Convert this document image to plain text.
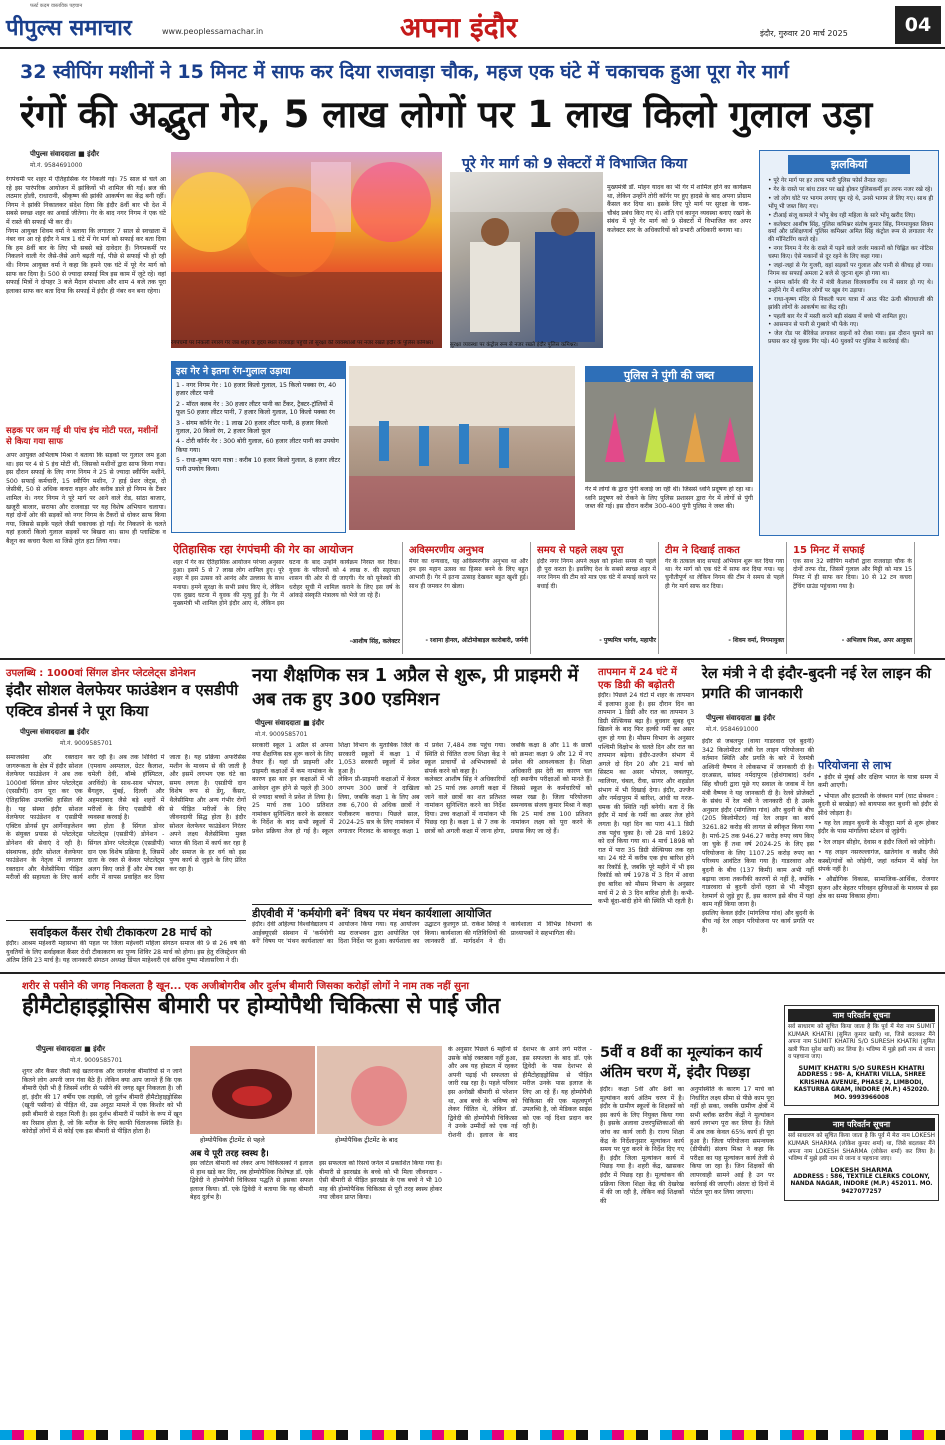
फर्स्ट कदम वास्तविक पहचान
पीपुल्स समाचार	www.peoplessamachar.in	अपना इंदौर	इंदौर, गुरुवार 20 मार्च 2025	04
32 स्वीपिंग मशीनों ने 15 मिनट में साफ कर दिया राजवाड़ा चौक, महज एक घंटे में चकाचक हुआ पूरा गेर मार्ग
रंगों की अद्भुत गेर, 5 लाख लोगों पर 1 लाख किलो गुलाल उड़ा
पीपुल्स संवाददाता ■ इंदौर
मो.नं. 9584691000
रंगपंचमी पर शहर में ऐतिहासिक गेर निकली गई। 75 साल से चले आ रहे इस पारंपरिक आयोजन में झांकियों भी शामिल की गईं। ब्रज की लठमार होली, राधारानी, श्रीकृष्ण की झांकी आकर्षण का केंद्र बनी रहीं। निगम ने झांकी निकालकर संदेश दिया कि इंदौर 8वीं बार भी देश में सबसे स्वच्छ शहर का अवार्ड जीतेगा। गेर के बाद नगर निगम ने एक घंटे में रास्ते की सफाई भी कर दी।
निगम आयुक्त शिवम वर्मा ने बताया कि लगातार 7 साल से स्वच्छता में नंबर वन आ रहे इंदौर ने मात्र 1 घंटे में गेर मार्ग को सफाई कर बता दिया कि हम 8वीं बार के लिए भी सबसे बड़े दावेदार हैं। निगमकर्मी पर निकलने वाली गेर जैसे-जैसे आगे बढ़ती गई, पीछे से सफाई भी हो रही थी। निगम आयुक्त वर्मा ने कहा कि हमने एक घंटे में पूरे गेर मार्ग को साफ कर दिया है। 500 से ज्यादा सफाई मित्र इस काम में जुटे रहे। वहां सफाई मित्रों ने दोपहर 3 बजे मैदान संभाला और शाम 4 बजे तक पूरा इलाका साफ कर बता दिया कि सफाई में इंदौर ही नंबर वन बना रहेगा।
सड़क पर जम गई थी पांच इंच मोटी परत, मशीनों से किया गया साफ
अपर आयुक्त अभिलाष मिश्रा ने बताया कि सड़कों पर गुलाल जम हुआ था। इस पर 4 से 5 इंच मोटी थी, जिसको मशीनों द्वारा साफ किया गया। इस दौरान सफाई के लिए नगर निगम ने 25 से ज्यादा स्वीपिंग मशीनें, 500 सफाई कर्मचारी, 15 स्वीपिंग मशीन, 7 हाई प्रेशर जेट्स, दो जेसीबी, 50 से अधिक कचरा वाहन और करीब डाले हो निगम के टैंकर शामिल थे। नगर निगम ने पूरे मार्ग पर आने वाले रोड, सांठा बाजार, खजूरी बाजार, सराफा और राजवाड़ा पर यह विशेष अभियान चलाया। यहां दोनों ओर की सड़कों को नगर निगम के टैंकरों से धोकर साफ किया गया, जिससे सड़कें पहले जैसी चकाचक हो गईं। गेर निकलने के चलते यहां हजारों किलो गुलाल सड़कों पर बिखरा था। साथ ही प्लास्टिक व बैलून का कचरा फैला था जिसे तुरंत हटा लिया गया।
रंगपंचमी पर निकली रंगारंग गेर जब शहर के हृदय स्थल राजवाड़ा पहुंची तो सुरक्षा की व्यवस्थाओं पर नजर रखते इंदौर के पुलिस कमिश्नर।
पूरे गेर मार्ग को 9 सेक्टरों में विभाजित किया
सुरक्षा व्यवस्था पर कंट्रोल रूम से नजर रखते इंदौर पुलिस कमिश्नर।
मुख्यमंत्री डॉ. मोहन यादव का भी गेर में शामिल होने का कार्यक्रम था, लेकिन उन्होंने तोरी कॉर्नर पर हुए हादसे के बाद अपना प्रोग्राम कैंसल कर दिया था। इसके लिए पूरे मार्ग पर सुरक्षा के चाक-चौबंद प्रबंध किए गए थे। शांति एवं कानून व्यवस्था बनाए रखने के संबंध में पूरे गेर मार्ग को 9 सेक्टरों में विभाजित कर अपर कलेक्टर स्तर के अधिकारियों को प्रभारी अधिकारी बनाया था।
झलकियां
• पूरे गेर मार्ग पर हर तरफ भारी पुलिस फोर्स तैनात रहा।
• गेर के रास्ते पर बांध टावर पर खड़े होकर पुलिसकर्मी हर तरफ नजर रखे रहे।
• जो लोग घोटे पर भागम लगाए घूम रहे थे, उनसे भागम ले लिए गए। साथ ही भोंपू भी जब्त किए गए।
• टीआई संजू कामले ने भोंपू बेच रही महिला के सारे भोंपू खरीद लिए।
• कलेक्टर आशीष सिंह, पुलिस कमिश्नर संतोष कुमार सिंह, निगमायुक्त शिवम वर्मा और प्रशिक्षणार्थ पुलिस कमिश्नर अमित सिंह कंट्रोल रूम से लगातार गेर की मॉनिटरिंग करते रहे।
• नगर निगम ने गेर के रास्ते में पड़ने वाले जर्जर मकानों को चिह्नित कर नोटिस चस्पा किए। ऐसे मकानों से दूर रहने के लिए कहा गया।
• जहां-जहां से गेर गुजरी, वहां सड़कों पर गुलाल और पानी से कीचड़ हो गया। निगम का सफाई अमला 2 बजे से जुटना शुरू हो गया था।
• संगम कॉर्नर की गेर में मंत्री कैलाश विजयवर्गीय रथ में सवार हो गए थे। उन्होंने गेर में शामिल लोगों पर खूब रंग उड़ाया।
• राधा-कृष्ण मंदिर से निकली फाग यात्रा में आठ फीट ऊंची श्रीराधाजी की झांकी लोगों के आकर्षण का केंद्र रही।
• पहली बार गेर में मस्ती करने बड़ी संख्या में बच्चे भी शामिल हुए।
• आसमान से पानी से गुब्बारे भी फेंके गए।
• जेल रोड पर बैरिकेड लगाकर वाहनों को रोका गया। इस दौरान घुमाने का प्रयास कर रहे युवक गिर पड़े। 40 युवकों पर पुलिस ने कार्रवाई की।
इस गेर ने इतना रंग-गुलाल उड़ाया
1 - नगर निगम गेर : 10 हजार किलो गुलाल, 15 किलो पक्का रंग, 40 हजार लीटर पानी
2 - मॉरल क्लब गेर : 30 हजार लीटर पानी का टैंकर, ट्रैक्टर-ट्रॉलियों में फूल 50 हजार लीटर पानी, 7 हजार किलो गुलाल, 10 किलो पक्का रंग
3 - संगम कॉर्नर गेर : 1 लाख 20 हजार लीटर पानी, 8 हजार किलो गुलाल, 20 किलो रंग, 2 हजार किलो फूल
4 - टोरी कॉर्नर गेर : 300 बोरी गुलाल, 60 हजार लीटर पानी का उपयोग किया गया।
5 - राधा-कृष्ण फाग यात्रा : करीब 10 हजार किलो गुलाल, 8 हजार लीटर पानी उपयोग किया।
पुलिस ने पुंगी की जब्त
गेर में लोगों के द्वारा पुंगी बजाई जा रही थी। जिससे ध्वनि प्रदूषण हो रहा था। ध्वनि प्रदूषण को रोकने के लिए पुलिस प्रशासन द्वारा गेर में लोगों से पुंगी जब्त की गई। इस दौरान करीब 300-400 पुंगी पुलिस ने जब्त की।
ऐतिहासिक रहा रंगपंचमी की गेर का आयोजन
शहर में गेर का ऐतिहासिक आयोजन परंपरा अनुसार हुआ। इसमें 5 से 7 लाख लोग शामिल हुए। पूरे शहर में इस उत्सव को आनंद और उल्लास के साथ मनाया। हमने सुरक्षा के सभी प्रबंध किए थे, लेकिन एक दुखद घटना में युवक की मृत्यु हुई है। गेर में मुख्यमंत्री भी शामिल होने इंदौर आए थे, लेकिन इस घटना के बाद उन्होंने कार्यक्रम निरस्त कर दिया। युवक के परिजनों को 4 लाख रु. की सहायता शासन की ओर से दी जाएगी। गेर को यूनेस्को की धरोहर सूची में शामिल कराने के लिए इस वर्ष के आंकड़े संस्कृति मंत्रालय को भेजे जा रहे हैं।
-आशीष सिंह, कलेक्टर
अविस्मरणीय अनुभव
मेयर का धन्यवाद, यह अविस्मरणीय अनुभव था और हम इस महान उत्सव का हिस्सा बनने के लिए बहुत आभारी हैं। गेर में इतना उत्साह देखकर बहुत खुशी हुई। साथ ही जमकर रंग खेला।
- रशाना हीनल, ऑटोमोबाइल कारोबारी, जर्मनी
समय से पहले लक्ष्य पूरा
इंदौर नगर निगम अपने लक्ष्य को हमेशा समय से पहले ही पूरा करता है। इसलिए देश के सबसे स्वच्छ शहर में नगर निगम की टीम को मात्र एक घंटे में सफाई करने पर बधाई दी।
- पुष्यमित्र भार्गव, महापौर
टीम ने दिखाई ताकत
गेर के तत्काल बाद सफाई अभियान शुरू कर दिया गया था। गेर मार्ग को एक घंटे में साफ कर दिया गया। यह चुनौतीपूर्ण था लेकिन निगम की टीम ने समय से पहले ही गेर मार्ग साफ कर दिया।
- शिवम वर्मा, निगमायुक्त
15 मिनट में सफाई
एक साथ 32 स्वीपिंग मशीनों द्वारा राजवाड़ा चौक के दोनों तरफ रोड, जिसमें गुलाल और मिट्टी को मात्र 15 मिनट में ही साफ कर दिया। 10 से 12 टन कचरा ट्रेंचिंग ग्राउंड पहुंचाया गया है।
- अभिलाष मिश्रा, अपर आयुक्त
उपलब्धि : 1000वां सिंगल डोनर प्लेटलेट्स डोनेशन
इंदौर सोशल वेलफेयर फाउंडेशन व एसडीपी एक्टिव डोनर्स ने पूरा किया
पीपुल्स संवाददाता ■ इंदौर
मो.नं. 9009585701
समाजसेवा और रक्तदान जागरूकता के क्षेत्र में इंदौर सोशल वेलफेयर फाउंडेशन ने अब तक 1000वां सिंगल डोनर प्लेटलेट्स (एसडीपी) दान पूरा कर एक ऐतिहासिक उपलब्धि हासिल की है। यह संस्था इंदौर सोशल वेलफेयर फाउंडेशन व एसडीपी एक्टिव डोनर्स ग्रुप आर्गेनाइजेशन के संयुक्त प्रयास से प्लेटलेट्स डोनेशन की सेवाएं दे रही है। संस्थापक, इंदौर सोशल वेलफेयर फाउंडेशन के नेतृत्व में लगातार रक्तदान और थैलेसीमिया पीड़ित मरीजों की सहायता के लिए कार्य कर रही है। अब तक शिविरों में (एमवाय अस्पताल, ग्रेटर कैलाश, चमेली देवी, बॉम्बे हॉस्पिटल, अरविंदो) के साथ-साथ भोपाल, बैंगलुरु, मुंबई, दिल्ली और अहमदाबाद जैसे बड़े शहरों में मरीजों के लिए एसडीपी की व्यवस्था करवाई है।
क्या होता है सिंगल डोनर प्लेटलेट्स (एसडीपी) डोनेशन - सिंगल डोनर प्लेटलेट्स (एसडीपी) दान एक विशेष प्रक्रिया है, जिसमें दाता के रक्त से केवल प्लेटलेट्स अलग किए जाते हैं और शेष रक्त शरीर में वापस प्रवाहित कर दिया जाता है। यह प्रक्रिया अफरेसिस मशीन के माध्यम से की जाती है और इसमें लगभग एक घंटे का समय लगता है। एसडीपी दान विशेष रूप से डेंगू, कैंसर, थैलेसीमिया और अन्य गंभीर रोगों से पीड़ित मरीजों के लिए जीवनदायी सिद्ध होता है। इंदौर सोशल वेलफेयर फाउंडेशन निरंतर अपने लक्ष्य थैलेसीमिया मुक्त भारत की दिशा में कार्य कर रहा है और समाज के हर वर्ग को इस पुण्य कार्य से जुड़ने के लिए प्रेरित कर रहा है।
नया शैक्षणिक सत्र 1 अप्रैल से शुरू, प्री प्राइमरी में अब तक हुए 300 एडमिशन
पीपुल्स संवाददाता ■ इंदौर
मो.नं. 9009585701
सरकारी स्कूल 1 अप्रैल से अपना नया शैक्षणिक सत्र शुरू करने के लिए तैयार हैं। यहां प्री प्राइमरी और प्राइमरी कक्षाओं में कम नामांकन के कारण इस बार इन कक्षाओं में भी आवेदन शुरू होने से पहले ही 300 से ज्यादा बच्चों ने प्रवेश ले लिया है। 25 मार्च तक 100 प्रतिशत नामांकन सुनिश्चित करने के सरकार के निर्देश के बाद सभी स्कूलों में प्रवेश प्रक्रिया तेज हो गई है। स्कूल शिक्षा विभाग के मुताबिक जिले के सरकारी स्कूलों में कक्षा 1 में 1,053 सरकारी स्कूलों में प्रवेश हुआ है।
लेकिन प्री-प्राइमरी कक्षाओं में केवल लगभग 300 छात्रों ने दाखिला लिया, जबकि कक्षा 1 के लिए अब तक 6,700 से अधिक छात्रों ने पंजीकरण कराया। पिछले साल, 2024-25 सत्र के लिए नामांकन में लगातार गिरावट के बावजूद कक्षा 1 में प्रवेश 7,484 तक पहुंच गया। स्थिति से चिंतित राज्य शिक्षा केंद्र ने स्कूल प्राचार्यों से अभिभावकों से संपर्क करने को कहा है।
कलेक्टर आशीष सिंह ने अधिकारियों को 25 मार्च तक अगली कक्षा में जाने वाले छात्रों का शत प्रतिशत नामांकन सुनिश्चित करने का निर्देश दिया। उच्च कक्षाओं में नामांकन भी पिछड़ रहा है। कक्षा 1 से 7 तक के छात्रों को अगली कक्षा में जाना होगा, जबकि कक्षा 8 और 11 के छात्रों को क्रमशः कक्षा 9 और 12 में नए प्रवेश की आवश्यकता है। शिक्षा अधिकारी इस देरी का कारण चल रही स्थानीय परीक्षाओं को मानते हैं। जिससे स्कूल के कर्मचारियों को व्यस्त रखा है। जिला परियोजना समन्वयक संजय कुमार मिश्रा ने कहा कि 25 मार्च तक 100 प्रतिशत नामांकन लक्ष्य को पूरा करने के प्रयास किए जा रहे हैं।
डीएवीवी में 'कर्मयोगी बनें' विषय पर मंथन कार्यशाला आयोजित
इंदौर। देवी अहिल्या विश्वविद्यालय में आईक्यूएसी संस्थान में 'कर्मयोगी बनें' विषय पर 'मंथन कार्यशाला' का आयोजन किया गया। यह आयोजन मप्र राजभवन द्वारा आयोजित एवं दिशा निर्देश पर हुआ। कार्यशाला का उद्घाटन कुलगुरु प्रो. राकेश सिंघई ने किया। कार्यशाला की गतिविधियों की जानकारी डॉ. मार्गदर्शन ने दी। कार्यशाला में विभिन्न विभागों के प्राध्यापकों ने सहभागिता की।
सर्वाइकल कैंसर रोधी टीकाकरण 28 मार्च को
इंदौर। आश्रम महेश्वरी महासभा की पहल पर जिला महेश्वरी महिला संगठन समाज की 9 से 26 वर्ष की युवतियों के लिए सर्वाइकल कैंसर रोधी टीकाकरण का पुण्य शिविर 28 मार्च को होगा। इस हेतु रजिस्ट्रेशन की अंतिम तिथि 23 मार्च है। यह जानकारी संगठन अध्यक्ष डिंपल माहेश्वरी एवं सचिव पुष्पा मोलासरिया ने दी।
तापमान में 24 घंटे में
एक डिग्री की बढ़ोतरी
इंदौर। पिछले 24 घंटों में शहर के तापमान में इजाफा हुआ है। इस दौरान दिन का तापमान 1 डिग्री और रात का तापमान 3 डिग्री सेल्सियस बढ़ा है। बुधवार सुबह धूप खिलने के बाद फिर हल्की गर्मी का असर शुरू हो गया है। मौसम विभाग के अनुसार पश्चिमी विक्षोभ के चलते दिन और रात का तापमान बढ़ेगा। इंदौर-उज्जैन संभाग में अगले दो दिन 20 और 21 मार्च को सिस्टम का असर भोपाल, जबलपुर, ग्वालियर, चंबल, रीवा, सागर और शहडोल संभाग में भी दिखाई देगा। इंदौर, उज्जैन और नर्मदापुरम में बारिश, आंधी या गरज-चमक की स्थिति नहीं बनेगी। बता दें कि इंदौर में मार्च के गर्मी का असर तेज होने लगता है। यहां दिन का पारा 41.1 डिग्री तक पहुंच चुका है। जो 28 मार्च 1892 को दर्ज किया गया था। 4 मार्च 1898 को रात में पारा 35 डिग्री सेल्सियस तक रहा था। 24 घंटे में करीब एक इंच बारिश होने का रिकॉर्ड है, जबकि पूरे महीने में भी इस रिकॉर्ड को वर्ष 1978 में 3 दिन में आधा इंच बारिश को मौसम विभाग के अनुसार मार्च में 2 से 3 दिन बारिश होती है। कभी-कभी बूंदा-बांदी होने की स्थिति भी रहती है।
रेल मंत्री ने दी इंदौर-बुदनी नई रेल लाइन की प्रगति की जानकारी
पीपुल्स संवाददाता ■ इंदौर
मो.नं. 9584691000
इंदौर से जबलपुर (वाया गाडरवारा एवं बुदनी) 342 किलोमीटर लंबी रेल लाइन परियोजना की वर्तमान स्थिति और प्रगति के बारे में रेलमंत्री अश्विनी वैष्णव ने लोकसभा में जानकारी दी है। दरअसल, सांसद नर्मदापुरम (होशंगाबाद) दर्शन सिंह चौधरी द्वारा पूछे गए सवाल के जवाब में रेल मंत्री वैष्णव ने यह जानकारी दी है। रेलवे प्रोजेक्टों के संबंध में रेल मंत्री ने जानकारी दी है उसके अनुसार इंदौर (मांगलिया गांव) और बुदनी के बीच (205 किलोमीटर) नई रेल लाइन का कार्य 3261.82 करोड़ की लागत से स्वीकृत किया गया है। मार्च-25 तक 946.27 करोड़ रुपए व्यय किए जा चुके हैं तथा वर्ष 2024-25 के लिए इस परियोजना के लिए 1107.25 करोड़ रुपए का परिव्यय आवंटित किया गया है। गाडरवारा और बुदनी के बीच (137 किमी) काम अभी नहीं बढ़ाया जाना तकनीकी कारणों से नहीं है, क्योंकि गाडरवारा से बुदनी दोनों रहता से भी मौजूदा रेलमार्ग से जुड़े हुए हैं, इस कारण इसे बीच में यहां काम नहीं किया जाना है।
इसलिए केवल इंदौर (मांगलिया गांव) और बुदनी के बीच नई रेल लाइन परियोजना पर कार्य प्रगति पर है।
परियोजना से लाभ
• इंदौर से मुंबई और दक्षिण भारत के यात्रा समय में कमी आएगी।
• भोपाल और इटारसी के जंक्शन मार्ग (घाट सेक्शन : बुदनी से बरखेड़ा) को बायपास कर बुधनी को इंदौर से सीधे जोड़ता है।
• यह रेल लाइन बुधनी के मौजूदा मार्ग से शुरू होकर इंदौर के पास मांगलिया स्टेशन से जुड़ेगी।
• रेल लाइन सीहोर, देवास व इंदौर जिलों को जोड़ेगी।
• यह लाइन नसरुल्लागंज, खातेगांव व कन्नौद जैसे कस्बों/गांवों को जोड़ेगी, जहां वर्तमान में कोई रेल संपर्क नहीं है।
• औद्योगिक विकास, सामाजिक-आर्थिक, रोजगार सृजन और बेहतर परिवहन सुविधाओं के माध्यम से इस क्षेत्र का समग्र विकास होगा।
शरीर से पसीने की जगह निकलता है खून... एक अजीबोगरीब और दुर्लभ बीमारी जिसका करोड़ों लोगों ने नाम तक नहीं सुना
हीमैटोहाइड्रोसिस बीमारी पर होम्योपैथी चिकित्सा से पाई जीत
पीपुल्स संवाददाता ■ इंदौर
मो.नं. 9009585701
शुगर और कैंसर जैसी कई खतरनाक और जानलेवा बीमारियों से न जाने कितने लोग अपनी जान गंवा बैठे हैं। लेकिन क्या आप जानते हैं कि एक बीमारी ऐसी भी है जिसमें शरीर से पसीने की जगह खून निकलता है। जी हां, इंदौर की 17 वर्षीय एक लड़की, जो दुर्लभ बीमारी हीमैटोहाइड्रोसिस (खूनी पसीना) से पीड़ित थी, उस अनूठा मामले में एक किशोर को भी इसी बीमारी से राहत मिली है। इस दुर्लभ बीमारी में पसीने के रूप में खून का रिसाव होता है, जो कि मरीज के लिए काफी चिंताजनक स्थिति है। कोरोड़ों लोगों में से कोई एक इस बीमारी से पीड़ित होता है।
होम्योपैथिक ट्रीटमेंट से पहले	होम्योपैथिक ट्रीटमेंट के बाद
अब ये पूरी तरह स्वस्थ है।
इस जटिल बीमारी को लेकर अन्य चिकित्सकों ने इलाज से हाथ खड़े कर दिए, तब होम्योपैथिक विशेषज्ञ डॉ. एके द्विवेदी ने होम्योपैथी चिकित्सा पद्धति से इसका सफल इलाज किया। डॉ. एके द्विवेदी ने बताया कि यह बीमारी बेहद दुर्लभ है।
इस सफलता को रिसर्च जर्नल में प्रकाशित किया गया है। बीमारी से झारखंड के बच्चे को भी मिला जीवनदान - ऐसी बीमारी से पीड़ित झारखंड के एक बच्चे ने भी 10 माह की होम्योपैथिक चिकित्सा से पूरी तरह स्वस्थ होकर नया जीवन प्राप्त किया।
के अनुसार पिछले 6 महीनों से उसके कोई रक्तस्राव नहीं हुआ, और अब यह होस्टल में रहकर अपनी पढ़ाई भी सफलता से जारी रख रहा है। पहले परिवार इस अनोखी बीमारी से परेशान था, अब बच्चे के भविष्य को लेकर चिंतित थे, लेकिन डॉ. द्विवेदी की होम्योपैथी चिकित्सा ने उनके उम्मीदों को एक नई रोशनी दी। इलाज के बाद देशभर के आने लगे मरीज - इस सफलता के बाद डॉ. एके द्विवेदी के पास देशभर से हीमैटोहाइड्रोसिस से पीड़ित मरीज उनके पास इलाज के लिए आ रहे हैं। यह होम्योपैथी चिकित्सा की एक महत्वपूर्ण उपलब्धि है, जो मेडिकल साइंस को एक नई दिशा प्रदान कर रही है।
5वीं व 8वीं का मूल्यांकन कार्य
अंतिम चरण में, इंदौर पिछड़ा
इंदौर। कक्षा 5वीं और 8वीं का मूल्यांकन कार्य अंतिम चरण में है। इंदौर के ग्रामीण स्कूलों के शिक्षकों को इस कार्य के लिए नियुक्त किया गया है। इसके अलावा उत्तरपुस्तिकाओं की जांच का कार्य जारी है। राज्य शिक्षा केंद्र के निर्देशानुसार मूल्यांकन कार्य समय पर पूरा करने के निर्देश दिए गए हैं। इंदौर जिला मूल्यांकन कार्य में पिछड़ गया है। शहरी केंद्र, खासकर इंदौर में पिछड़ रहा है। मूल्यांकन की प्रक्रिया जिला शिक्षा केंद्र की देखरेख में की जा रही है, लेकिन कई शिक्षकों की
अनुपस्थिति के कारण 17 मार्च को निर्धारित लक्ष्य सीमा से पीछे काम पूरा नहीं हो सका, जबकि ग्रामीण क्षेत्रों में सभी ब्लॉक स्तरीय केंद्रों ने मूल्यांकन कार्य लगभग पूरा कर लिया है। जिले में अब तक केवल 65% कार्य ही पूरा हुआ है। जिला परियोजना समन्वयक (डीपीसी) संजय मिश्रा ने कहा कि परीक्षा का यह मूल्यांकन कार्य तेजी से किया जा रहा है। जिन शिक्षकों की लापरवाही सामने आई है उन पर कार्रवाई की जाएगी। अंततः दो दिनों में पोर्टल पूरा कर लिया जाएगा।
नाम परिवर्तन सूचना
सर्व साधारण को सूचित किया जाता है कि पूर्व में मेरा नाम SUMIT KUMAR KHATRI (सुमित कुमार खत्री) था, जिसे बदलकर मैंने अपना नाम SUMIT KHATRI S/O SURESH KHATRI (सुमित खत्री पिता सुरेश खत्री) कर लिया है। भविष्य में मुझे इसी नाम से जाना व पहचाना जाए।
SUMIT KHATRI S/O SURESH KHATRI
ADDRESS : 98- A, KHATRI VILLA, SHREE KRISHNA AVENUE, PHASE 2, LIMBODI, KASTURBA GRAM, INDORE (M.P.) 452020. MO. 9993966008
नाम परिवर्तन सूचना
सर्व साधारण को सूचित किया जाता है कि पूर्व में मेरा नाम LOKESH KUMAR SHARMA (लोकेश कुमार शर्मा) था, जिसे बदलकर मैंने अपना नाम LOKESH SHARMA (लोकेश शर्मा) कर लिया है। भविष्य में मुझे इसी नाम से जाना व पहचाना जाए।
LOKESH SHARMA
ADDRESS : 586, TEXTILE CLERKS COLONY, NANDA NAGAR, INDORE (M.P.) 452011. MO. 9427077257
